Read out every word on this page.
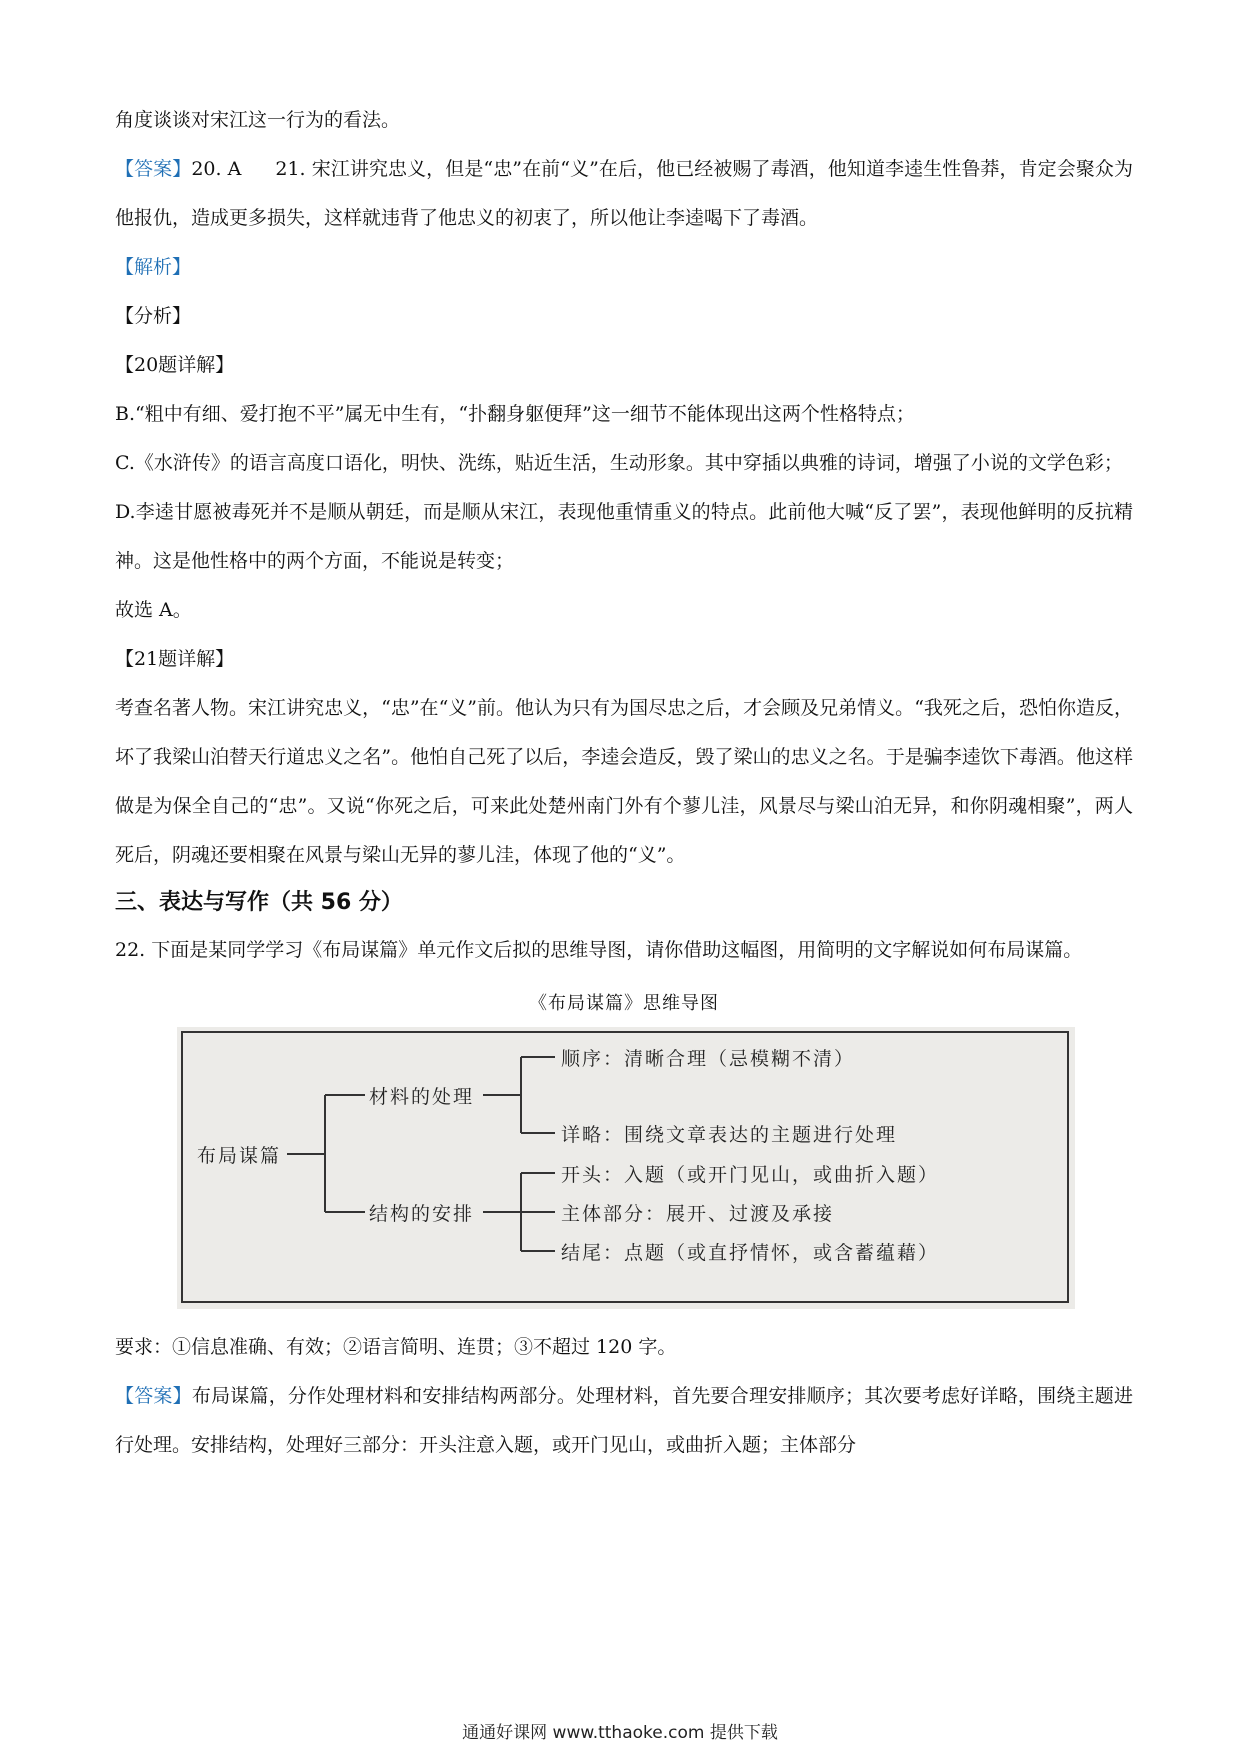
角度谈谈对宋江这一行为的看法。

【答案】20. A 21. 宋江讲究忠义，但是“忠”在前“义”在后，他已经被赐了毒酒，他知道李逵生性鲁莽，肯定会聚众为他报仇，造成更多损失，这样就违背了他忠义的初衷了，所以他让李逵喝下了毒酒。

【解析】

【分析】

【20题详解】

B.“粗中有细、爱打抱不平”属无中生有，“扑翻身躯便拜”这一细节不能体现出这两个性格特点；

C.《水浒传》的语言高度口语化，明快、洗练，贴近生活，生动形象。其中穿插以典雅的诗词，增强了小说的文学色彩；

D.李逵甘愿被毒死并不是顺从朝廷，而是顺从宋江，表现他重情重义的特点。此前他大喊“反了罢”，表现他鲜明的反抗精神。这是他性格中的两个方面，不能说是转变；

故选 A。

【21题详解】

考查名著人物。宋江讲究忠义，“忠”在“义”前。他认为只有为国尽忠之后，才会顾及兄弟情义。“我死之后，恐怕你造反，坏了我梁山泊替天行道忠义之名”。他怕自己死了以后，李逵会造反，毁了梁山的忠义之名。于是骗李逵饮下毒酒。他这样做是为保全自己的“忠”。又说“你死之后，可来此处楚州南门外有个蓼儿洼，风景尽与梁山泊无异，和你阴魂相聚”，两人死后，阴魂还要相聚在风景与梁山无异的蓼儿洼，体现了他的“义”。

三、表达与写作（共 56 分）

22. 下面是某同学学习《布局谋篇》单元作文后拟的思维导图，请你借助这幅图，用简明的文字解说如何布局谋篇。

《布局谋篇》思维导图
布局谋篇
材料的处理
结构的安排
顺序：清晰合理（忌模糊不清）
详略：围绕文章表达的主题进行处理
开头：入题（或开门见山，或曲折入题）
主体部分：展开、过渡及承接
结尾：点题（或直抒情怀，或含蓄蕴藉）

要求：①信息准确、有效；②语言简明、连贯；③不超过 120 字。

【答案】布局谋篇，分作处理材料和安排结构两部分。处理材料，首先要合理安排顺序；其次要考虑好详略，围绕主题进行处理。安排结构，处理好三部分：开头注意入题，或开门见山，或曲折入题；主体部分

通通好课网 www.tthaoke.com 提供下载
